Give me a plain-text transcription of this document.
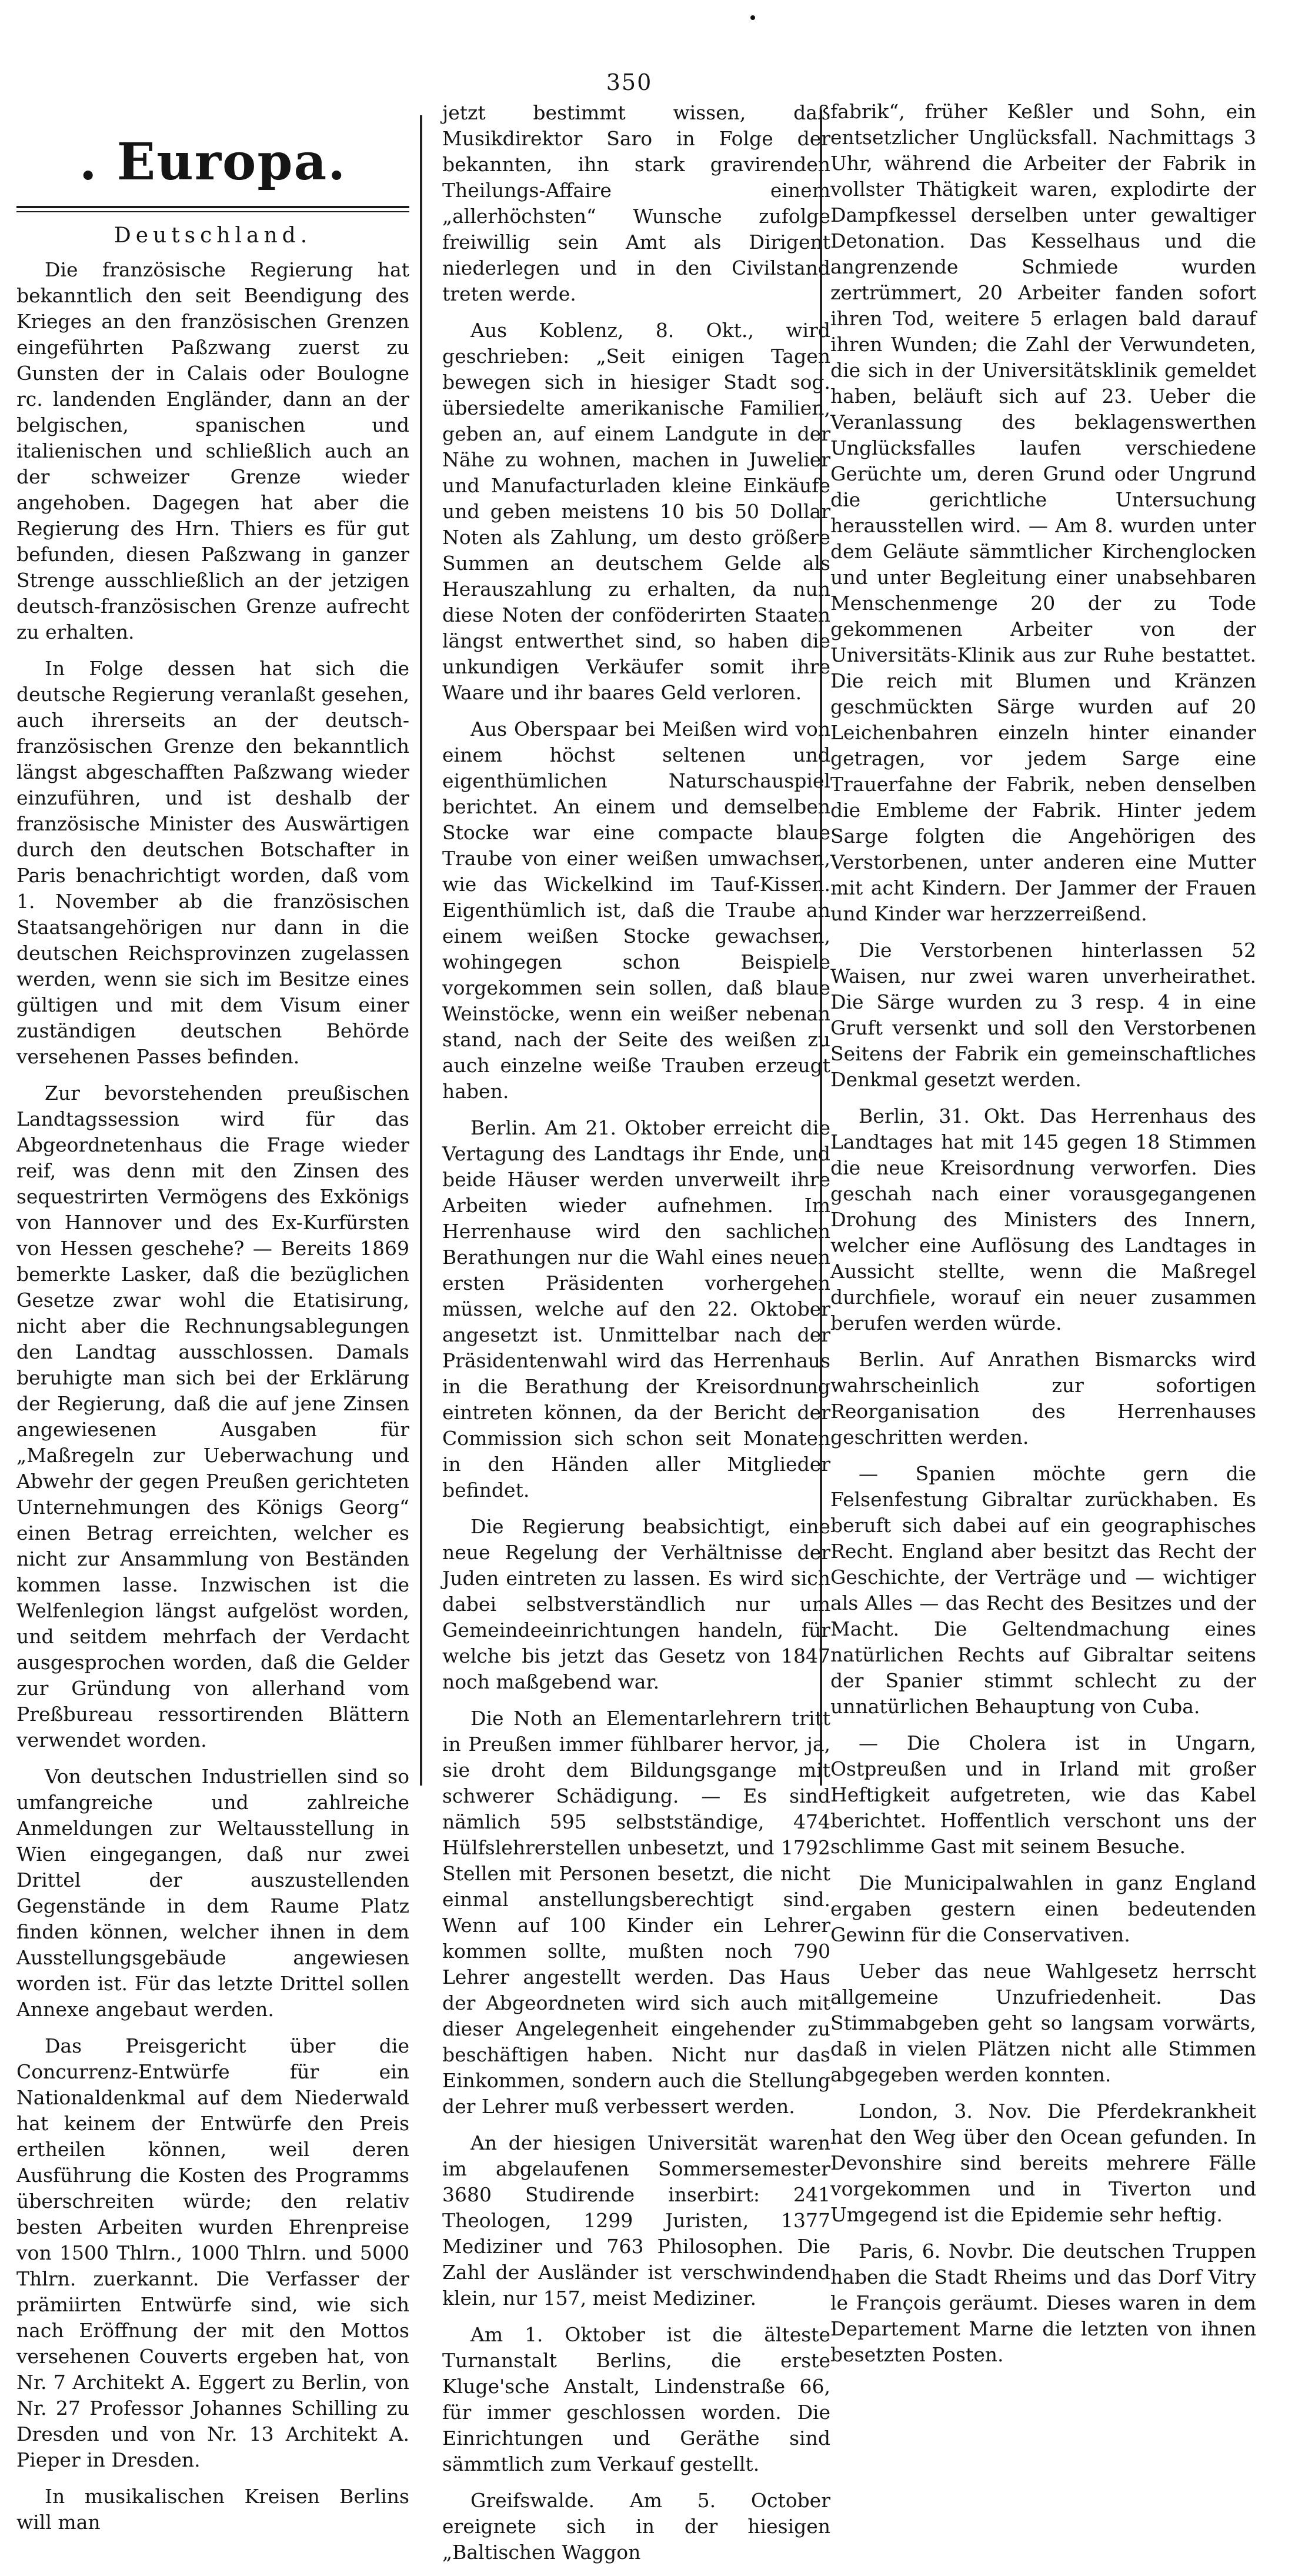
350
. Europa.
Deutschland.

Die französische Regierung hat bekanntlich den seit Beendigung des Krieges an den französischen Grenzen eingeführten Paßzwang zuerst zu Gunsten der in Calais oder Boulogne rc. landenden Engländer, dann an der belgischen, spanischen und italienischen und schließlich auch an der schweizer Grenze wieder angehoben. Dagegen hat aber die Regierung des Hrn. Thiers es für gut befunden, diesen Paßzwang in ganzer Strenge ausschließlich an der jetzigen deutsch-französischen Grenze aufrecht zu erhalten.

In Folge dessen hat sich die deutsche Regierung veranlaßt gesehen, auch ihrerseits an der deutsch-französischen Grenze den bekanntlich längst abgeschafften Paßzwang wieder einzuführen, und ist deshalb der französische Minister des Auswärtigen durch den deutschen Botschafter in Paris benachrichtigt worden, daß vom 1. November ab die französischen Staatsangehörigen nur dann in die deutschen Reichsprovinzen zugelassen werden, wenn sie sich im Besitze eines gültigen und mit dem Visum einer zuständigen deutschen Behörde versehenen Passes befinden.

Zur bevorstehenden preußischen Landtagssession wird für das Abgeordnetenhaus die Frage wieder reif, was denn mit den Zinsen des sequestrirten Vermögens des Exkönigs von Hannover und des Ex-Kurfürsten von Hessen geschehe? — Bereits 1869 bemerkte Lasker, daß die bezüglichen Gesetze zwar wohl die Etatisirung, nicht aber die Rechnungsablegungen den Landtag ausschlossen. Damals beruhigte man sich bei der Erklärung der Regierung, daß die auf jene Zinsen angewiesenen Ausgaben für „Maßregeln zur Ueberwachung und Abwehr der gegen Preußen gerichteten Unternehmungen des Königs Georg“ einen Betrag erreichten, welcher es nicht zur Ansammlung von Beständen kommen lasse. Inzwischen ist die Welfenlegion längst aufgelöst worden, und seitdem mehrfach der Verdacht ausgesprochen worden, daß die Gelder zur Gründung von allerhand vom Preßbureau ressortirenden Blättern verwendet worden.

Von deutschen Industriellen sind so umfangreiche und zahlreiche Anmeldungen zur Weltausstellung in Wien eingegangen, daß nur zwei Drittel der auszustellenden Gegenstände in dem Raume Platz finden können, welcher ihnen in dem Ausstellungsgebäude angewiesen worden ist. Für das letzte Drittel sollen Annexe angebaut werden.

Das Preisgericht über die Concurrenz-Entwürfe für ein Nationaldenkmal auf dem Niederwald hat keinem der Entwürfe den Preis ertheilen können, weil deren Ausführung die Kosten des Programms überschreiten würde; den relativ besten Arbeiten wurden Ehrenpreise von 1500 Thlrn., 1000 Thlrn. und 5000 Thlrn. zuerkannt. Die Verfasser der prämiirten Entwürfe sind, wie sich nach Eröffnung der mit den Mottos versehenen Couverts ergeben hat, von Nr. 7 Architekt A. Eggert zu Berlin, von Nr. 27 Professor Johannes Schilling zu Dresden und von Nr. 13 Architekt A. Pieper in Dresden.

In musikalischen Kreisen Berlins will man

jetzt bestimmt wissen, daß Musikdirektor Saro in Folge der bekannten, ihn stark gravirenden Theilungs-Affaire einem „allerhöchsten“ Wunsche zufolge freiwillig sein Amt als Dirigent niederlegen und in den Civilstand treten werde.

Aus Koblenz, 8. Okt., wird geschrieben: „Seit einigen Tagen bewegen sich in hiesiger Stadt sog. übersiedelte amerikanische Familien, geben an, auf einem Landgute in der Nähe zu wohnen, machen in Juwelier und Manufacturladen kleine Einkäufe und geben meistens 10 bis 50 Dollar Noten als Zahlung, um desto größere Summen an deutschem Gelde als Herauszahlung zu erhalten, da nun diese Noten der conföderirten Staaten längst entwerthet sind, so haben die unkundigen Verkäufer somit ihre Waare und ihr baares Geld verloren.

Aus Oberspaar bei Meißen wird von einem höchst seltenen und eigenthümlichen Naturschauspiel berichtet. An einem und demselben Stocke war eine compacte blaue Traube von einer weißen umwachsen, wie das Wickelkind im Tauf-Kissen. Eigenthümlich ist, daß die Traube an einem weißen Stocke gewachsen, wohingegen schon Beispiele vorgekommen sein sollen, daß blaue Weinstöcke, wenn ein weißer nebenan stand, nach der Seite des weißen zu auch einzelne weiße Trauben erzeugt haben.

Berlin. Am 21. Oktober erreicht die Vertagung des Landtags ihr Ende, und beide Häuser werden unverweilt ihre Arbeiten wieder aufnehmen. Im Herrenhause wird den sachlichen Berathungen nur die Wahl eines neuen ersten Präsidenten vorhergehen müssen, welche auf den 22. Oktober angesetzt ist. Unmittelbar nach der Präsidentenwahl wird das Herrenhaus in die Berathung der Kreisordnung eintreten können, da der Bericht der Commission sich schon seit Monaten in den Händen aller Mitglieder befindet.

Die Regierung beabsichtigt, eine neue Regelung der Verhältnisse der Juden eintreten zu lassen. Es wird sich dabei selbstverständlich nur um Gemeindeeinrichtungen handeln, für welche bis jetzt das Gesetz von 1847 noch maßgebend war.

Die Noth an Elementarlehrern tritt in Preußen immer fühlbarer hervor, ja, sie droht dem Bildungsgange mit schwerer Schädigung. — Es sind nämlich 595 selbstständige, 474 Hülfslehrerstellen unbesetzt, und 1792 Stellen mit Personen besetzt, die nicht einmal anstellungsberechtigt sind. Wenn auf 100 Kinder ein Lehrer kommen sollte, mußten noch 790 Lehrer angestellt werden. Das Haus der Abgeordneten wird sich auch mit dieser Angelegenheit eingehender zu beschäftigen haben. Nicht nur das Einkommen, sondern auch die Stellung der Lehrer muß verbessert werden.

An der hiesigen Universität waren im abgelaufenen Sommersemester 3680 Studirende inserbirt: 241 Theologen, 1299 Juristen, 1377 Mediziner und 763 Philosophen. Die Zahl der Ausländer ist verschwindend klein, nur 157, meist Mediziner.

Am 1. Oktober ist die älteste Turnanstalt Berlins, die erste Kluge'sche Anstalt, Lindenstraße 66, für immer geschlossen worden. Die Einrichtungen und Geräthe sind sämmtlich zum Verkauf gestellt.

Greifswalde. Am 5. October ereignete sich in der hiesigen „Baltischen Waggon

fabrik“, früher Keßler und Sohn, ein entsetzlicher Unglücksfall. Nachmittags 3 Uhr, während die Arbeiter der Fabrik in vollster Thätigkeit waren, explodirte der Dampfkessel derselben unter gewaltiger Detonation. Das Kesselhaus und die angrenzende Schmiede wurden zertrümmert, 20 Arbeiter fanden sofort ihren Tod, weitere 5 erlagen bald darauf ihren Wunden; die Zahl der Verwundeten, die sich in der Universitätsklinik gemeldet haben, beläuft sich auf 23. Ueber die Veranlassung des beklagenswerthen Unglücksfalles laufen verschiedene Gerüchte um, deren Grund oder Ungrund die gerichtliche Untersuchung herausstellen wird. — Am 8. wurden unter dem Geläute sämmtlicher Kirchenglocken und unter Begleitung einer unabsehbaren Menschenmenge 20 der zu Tode gekommenen Arbeiter von der Universitäts-Klinik aus zur Ruhe bestattet. Die reich mit Blumen und Kränzen geschmückten Särge wurden auf 20 Leichenbahren einzeln hinter einander getragen, vor jedem Sarge eine Trauerfahne der Fabrik, neben denselben die Embleme der Fabrik. Hinter jedem Sarge folgten die Angehörigen des Verstorbenen, unter anderen eine Mutter mit acht Kindern. Der Jammer der Frauen und Kinder war herzzerreißend.

Die Verstorbenen hinterlassen 52 Waisen, nur zwei waren unverheirathet. Die Särge wurden zu 3 resp. 4 in eine Gruft versenkt und soll den Verstorbenen Seitens der Fabrik ein gemeinschaftliches Denkmal gesetzt werden.

Berlin, 31. Okt. Das Herrenhaus des Landtages hat mit 145 gegen 18 Stimmen die neue Kreisordnung verworfen. Dies geschah nach einer vorausgegangenen Drohung des Ministers des Innern, welcher eine Auflösung des Landtages in Aussicht stellte, wenn die Maßregel durchfiele, worauf ein neuer zusammen berufen werden würde.

Berlin. Auf Anrathen Bismarcks wird wahrscheinlich zur sofortigen Reorganisation des Herrenhauses geschritten werden.

— Spanien möchte gern die Felsenfestung Gibraltar zurückhaben. Es beruft sich dabei auf ein geographisches Recht. England aber besitzt das Recht der Geschichte, der Verträge und — wichtiger als Alles — das Recht des Besitzes und der Macht. Die Geltendmachung eines natürlichen Rechts auf Gibraltar seitens der Spanier stimmt schlecht zu der unnatürlichen Behauptung von Cuba.

— Die Cholera ist in Ungarn, Ostpreußen und in Irland mit großer Heftigkeit aufgetreten, wie das Kabel berichtet. Hoffentlich verschont uns der schlimme Gast mit seinem Besuche.

Die Municipalwahlen in ganz England ergaben gestern einen bedeutenden Gewinn für die Conservativen.

Ueber das neue Wahlgesetz herrscht allgemeine Unzufriedenheit. Das Stimmabgeben geht so langsam vorwärts, daß in vielen Plätzen nicht alle Stimmen abgegeben werden konnten.

London, 3. Nov. Die Pferdekrankheit hat den Weg über den Ocean gefunden. In Devonshire sind bereits mehrere Fälle vorgekommen und in Tiverton und Umgegend ist die Epidemie sehr heftig.

Paris, 6. Novbr. Die deutschen Truppen haben die Stadt Rheims und das Dorf Vitry le François geräumt. Dieses waren in dem Departement Marne die letzten von ihnen besetzten Posten.
